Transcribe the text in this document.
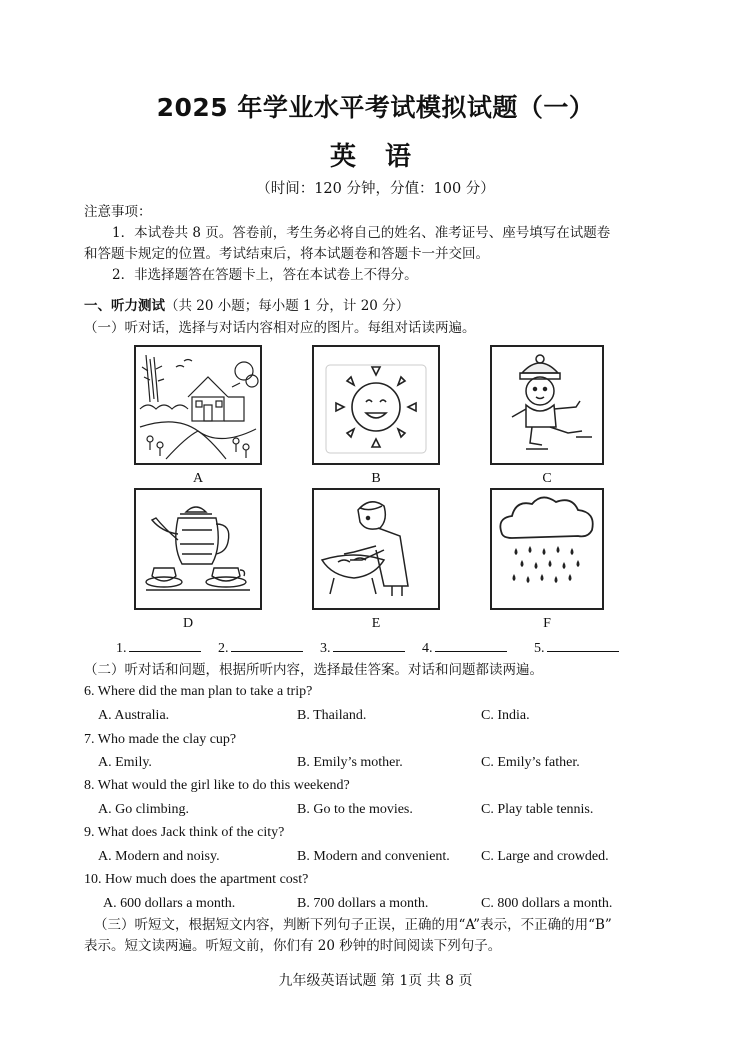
2025 年学业水平考试模拟试题（一）
英 语
（时间：120 分钟，分值：100 分）
注意事项：
1．本试卷共 8 页。答卷前，考生务必将自己的姓名、准考证号、座号填写在试题卷
和答题卡规定的位置。考试结束后，将本试题卷和答题卡一并交回。
2．非选择题答在答题卡上，答在本试卷上不得分。
一、听力测试（共 20 小题；每小题 1 分，计 20 分）
（一）听对话，选择与对话内容相对应的图片。每组对话读两遍。
A	B	C
D	E	F
1.	2.	3.	4.	5.
（二）听对话和问题，根据所听内容，选择最佳答案。对话和问题都读两遍。
6. Where did the man plan to take a trip?
A. Australia.	B. Thailand.	C. India.
7. Who made the clay cup?
A. Emily.	B. Emily’s mother.	C. Emily’s father.
8. What would the girl like to do this weekend?
A. Go climbing.	B. Go to the movies.	C. Play table tennis.
9. What does Jack think of the city?
A. Modern and noisy.	B. Modern and convenient. C. Large and crowded.
10. How much does the apartment cost?
A. 600 dollars a month.	B. 700 dollars a month.	C. 800 dollars a month.
（三）听短文，根据短文内容，判断下列句子正误，正确的用“A”表示，不正确的用“B”
表示。短文读两遍。听短文前，你们有 20 秒钟的时间阅读下列句子。
九年级英语试题 第 1页 共 8 页
